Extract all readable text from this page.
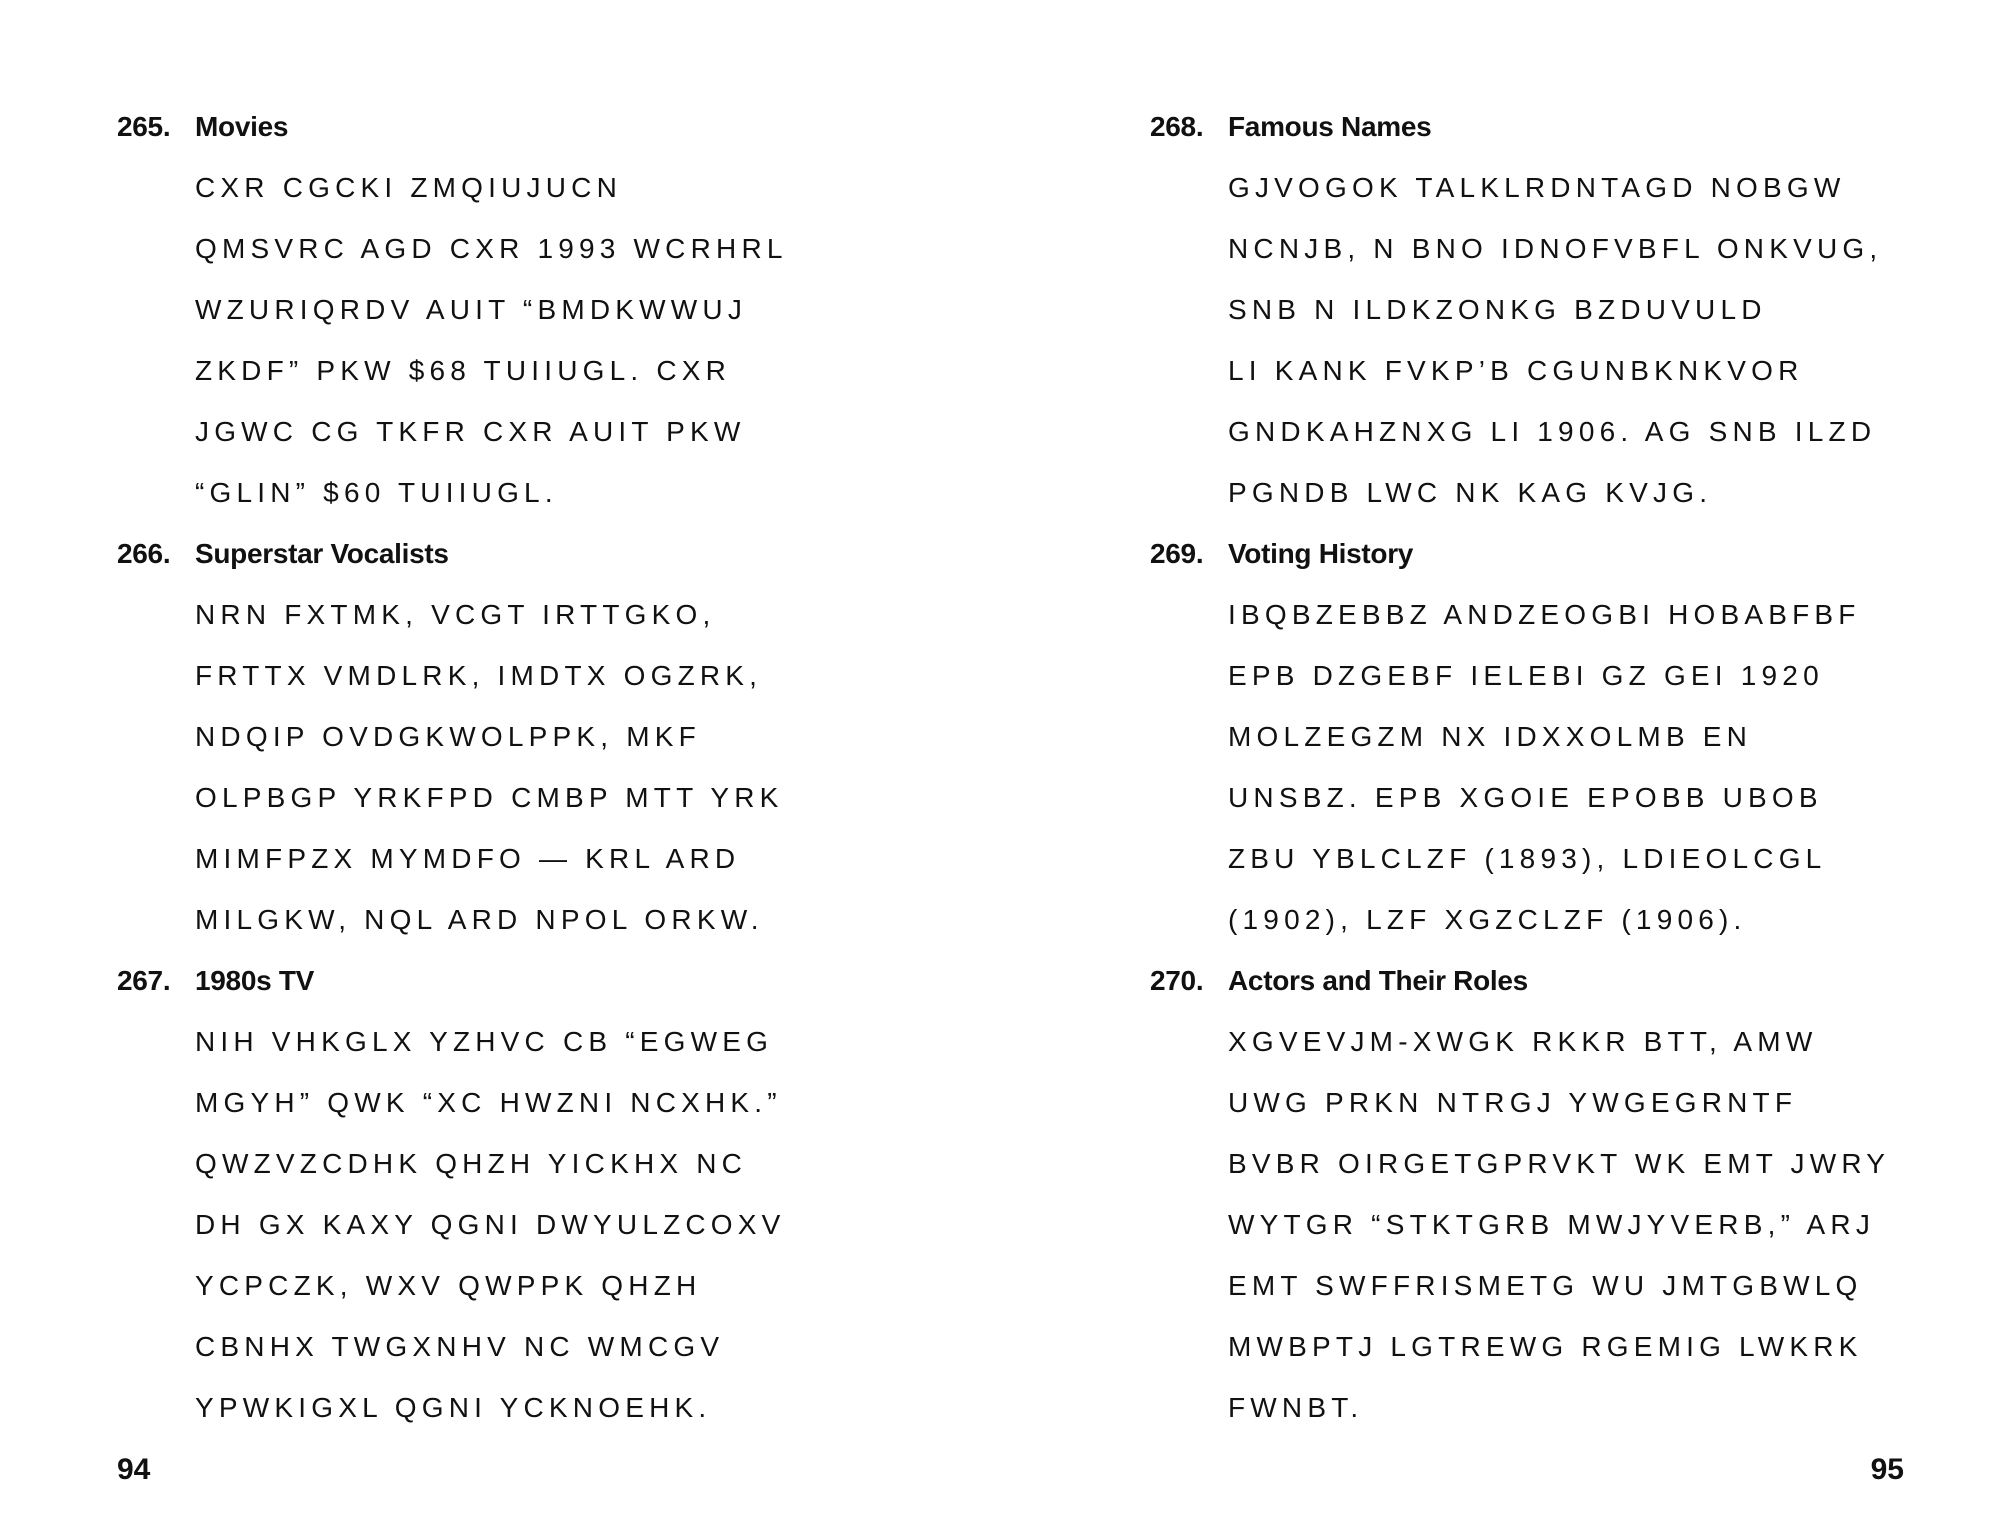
265. Movies
CXR CGCKI ZMQIUJUCN
QMSVRC AGD CXR 1993 WCRHRL
WZURIQRDV AUIT “BMDKWWUJ
ZKDF” PKW $68 TUIIUGL. CXR
JGWC CG TKFR CXR AUIT PKW
“GLIN” $60 TUIIUGL.
266. Superstar Vocalists
NRN FXTMK, VCGT IRTTGKO,
FRTTX VMDLRK, IMDTX OGZRK,
NDQIP OVDGKWOLPPK, MKF
OLPBGP YRKFPD CMBP MTT YRK
MIMFPZX MYMDFO — KRL ARD
MILGKW, NQL ARD NPOL ORKW.
267. 1980s TV
NIH VHKGLX YZHVC CB “EGWEG
MGYH” QWK “XC HWZNI NCXHK.”
QWZVZCDHK QHZH YICKHX NC
DH GX KAXY QGNI DWYULZCOXV
YCPCZK, WXV QWPPK QHZH
CBNHX TWGXNHV NC WMCGV
YPWKIGXL QGNI YCKNOEHK.
94
268. Famous Names
GJVOGOK TALKLRDNTAGD NOBGW
NCNJB, N BNO IDNOFVBFL ONKVUG,
SNB N ILDKZONKG BZDUVULD
LI KANK FVKP’B CGUNBKNKVOR
GNDKAHZNXG LI 1906. AG SNB ILZD
PGNDB LWC NK KAG KVJG.
269. Voting History
IBQBZEBBZ ANDZEOGBI HOBABFBF
EPB DZGEBF IELEBI GZ GEI 1920
MOLZEGZM NX IDXXOLMB EN
UNSBZ. EPB XGOIE EPOBB UBOB
ZBU YBLCLZF (1893), LDIEOLCGL
(1902), LZF XGZCLZF (1906).
270. Actors and Their Roles
XGVEVJM-XWGK RKKR BTT, AMW
UWG PRKN NTRGJ YWGEGRNTF
BVBR OIRGETGPRVKT WK EMT JWRY
WYTGR “STKTGRB MWJYVERB,” ARJ
EMT SWFFRISMETG WU JMTGBWLQ
MWBPTJ LGTREWG RGEMIG LWKRK
FWNBT.
95
